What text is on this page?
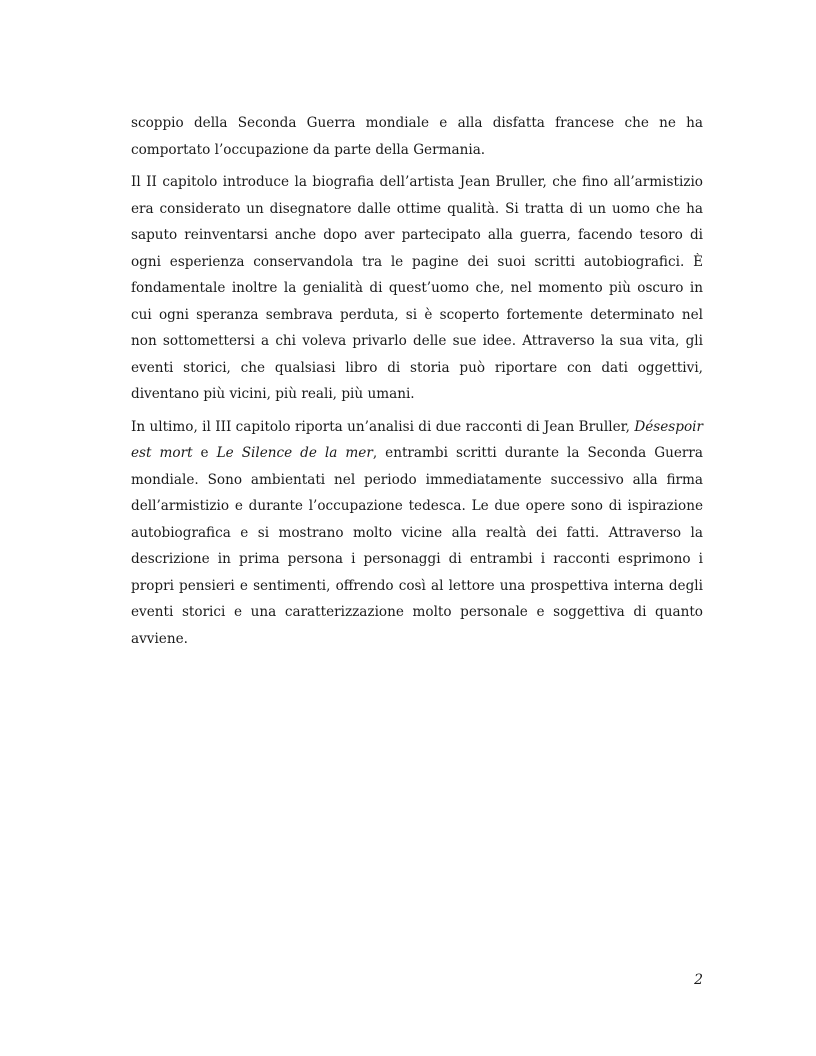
scoppio della Seconda Guerra mondiale e alla disfatta francese che ne ha comportato l’occupazione da parte della Germania.

Il II capitolo introduce la biografia dell’artista Jean Bruller, che fino all’armistizio era considerato un disegnatore dalle ottime qualità. Si tratta di un uomo che ha saputo reinventarsi anche dopo aver partecipato alla guerra, facendo tesoro di ogni esperienza conservandola tra le pagine dei suoi scritti autobiografici. È fondamentale inoltre la genialità di quest’uomo che, nel momento più oscuro in cui ogni speranza sembrava perduta, si è scoperto fortemente determinato nel non sottomettersi a chi voleva privarlo delle sue idee. Attraverso la sua vita, gli eventi storici, che qualsiasi libro di storia può riportare con dati oggettivi, diventano più vicini, più reali, più umani.

In ultimo, il III capitolo riporta un’analisi di due racconti di Jean Bruller, Désespoir est mort e Le Silence de la mer, entrambi scritti durante la Seconda Guerra mondiale. Sono ambientati nel periodo immediatamente successivo alla firma dell’armistizio e durante l’occupazione tedesca. Le due opere sono di ispirazione autobiografica e si mostrano molto vicine alla realtà dei fatti. Attraverso la descrizione in prima persona i personaggi di entrambi i racconti esprimono i propri pensieri e sentimenti, offrendo così al lettore una prospettiva interna degli eventi storici e una caratterizzazione molto personale e soggettiva di quanto avviene.

2
